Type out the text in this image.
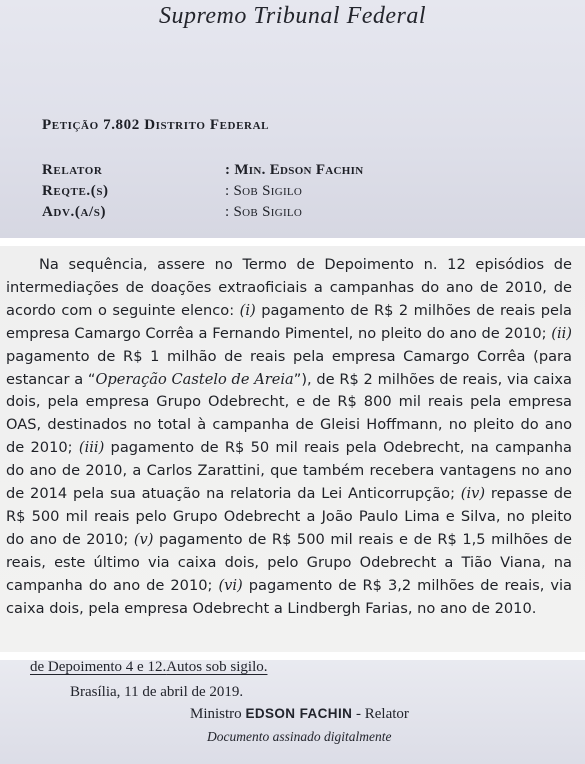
Supremo Tribunal Federal
Petição 7.802 Distrito Federal
Relator	: Min. Edson Fachin
Reqte.(s)	: Sob Sigilo
Adv.(a/s)	: Sob Sigilo

Na sequência, assere no Termo de Depoimento n. 12 episódios de intermediações de doações extraoficiais a campanhas do ano de 2010, de acordo com o seguinte elenco: (i) pagamento de R$ 2 milhões de reais pela empresa Camargo Corrêa a Fernando Pimentel, no pleito do ano de 2010; (ii) pagamento de R$ 1 milhão de reais pela empresa Camargo Corrêa (para estancar a “Operação Castelo de Areia”), de R$ 2 milhões de reais, via caixa dois, pela empresa Grupo Odebrecht, e de R$ 800 mil reais pela empresa OAS, destinados no total à campanha de Gleisi Hoffmann, no pleito do ano de 2010; (iii) pagamento de R$ 50 mil reais pela Odebrecht, na campanha do ano de 2010, a Carlos Zarattini, que também recebera vantagens no ano de 2014 pela sua atuação na relatoria da Lei Anticorrupção; (iv) repasse de R$ 500 mil reais pelo Grupo Odebrecht a João Paulo Lima e Silva, no pleito do ano de 2010; (v) pagamento de R$ 500 mil reais e de R$ 1,5 milhões de reais, este último via caixa dois, pelo Grupo Odebrecht a Tião Viana, na campanha do ano de 2010; (vi) pagamento de R$ 3,2 milhões de reais, via caixa dois, pela empresa Odebrecht a Lindbergh Farias, no ano de 2010.

de Depoimento 4 e 12.Autos sob sigilo.
Brasília, 11 de abril de 2019.
Ministro EDSON FACHIN - Relator
Documento assinado digitalmente
